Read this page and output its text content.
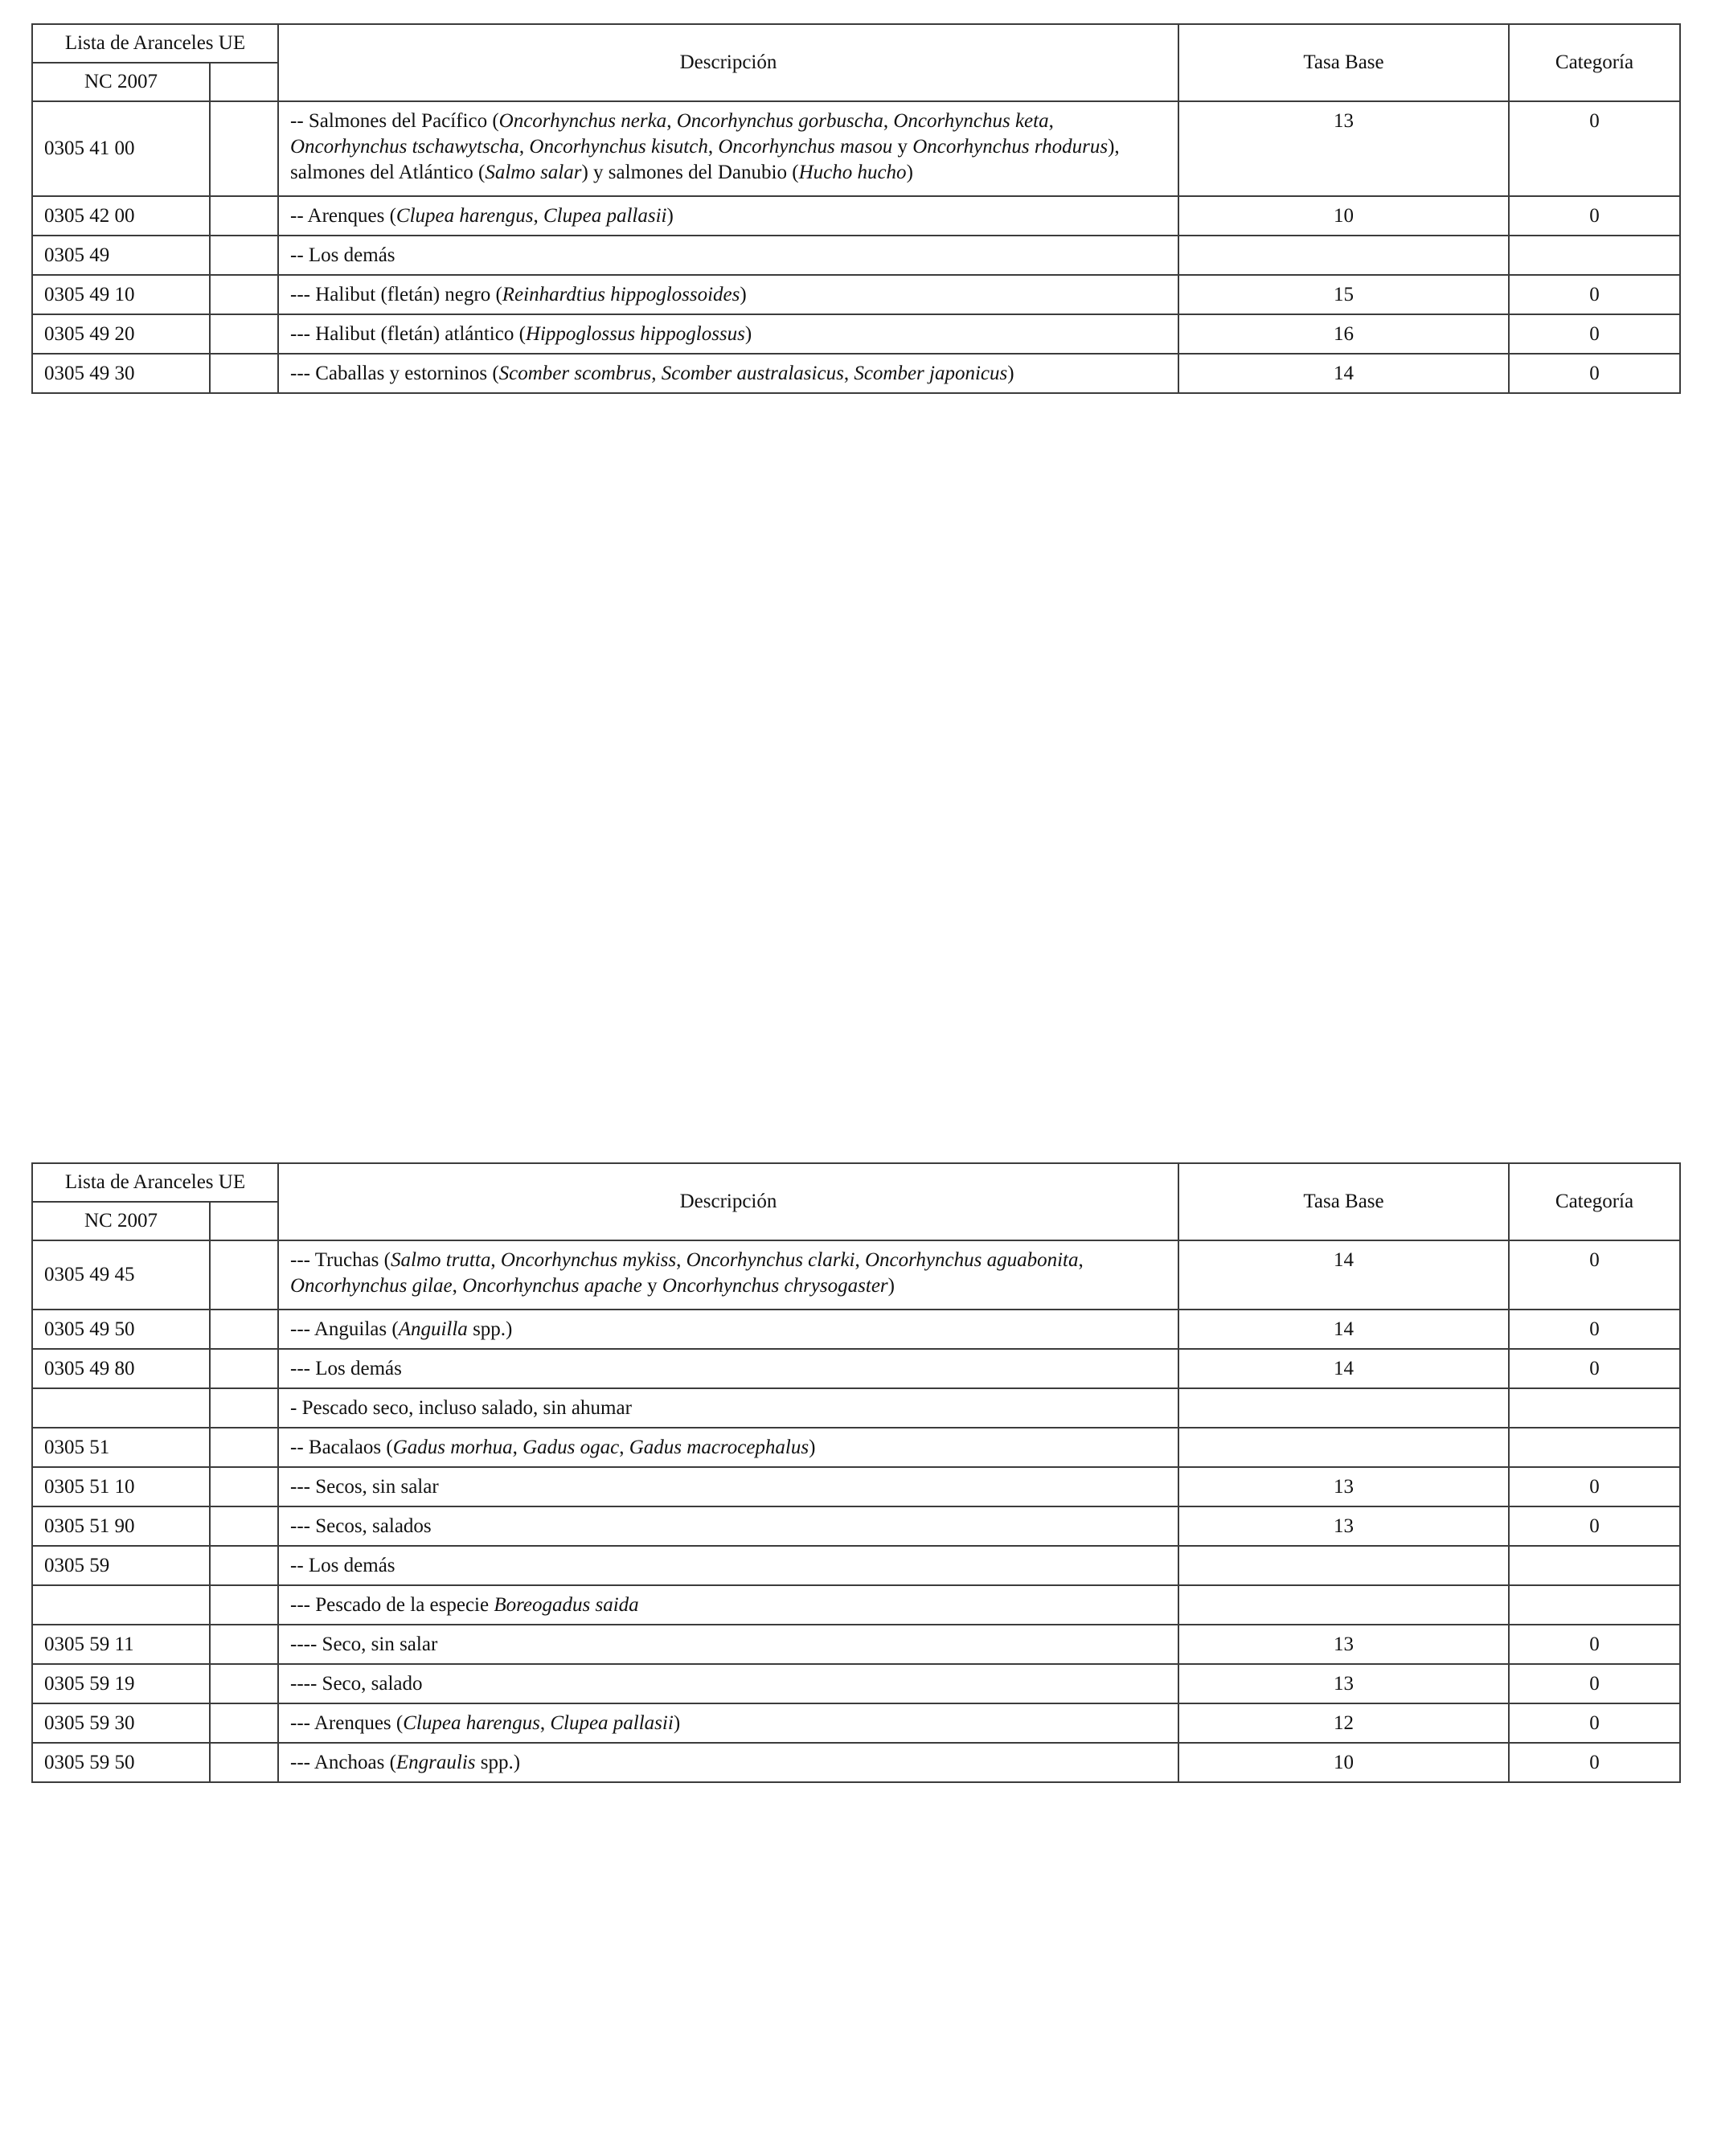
Lista de Aranceles UE		Descripción	Tasa Base	Categoría
NC 2007				
0305 41 00		-- Salmones del Pacífico (Oncorhynchus nerka, Oncorhynchus gorbuscha, Oncorhynchus keta, Oncorhynchus tschawytscha, Oncorhynchus kisutch, Oncorhynchus masou y Oncorhynchus rhodurus), salmones del Atlántico (Salmo salar) y salmones del Danubio (Hucho hucho)	13	0
0305 42 00		-- Arenques (Clupea harengus, Clupea pallasii)	10	0
0305 49		-- Los demás		
0305 49 10		--- Halibut (fletán) negro (Reinhardtius hippoglossoides)	15	0
0305 49 20		--- Halibut (fletán) atlántico (Hippoglossus hippoglossus)	16	0
0305 49 30		--- Caballas y estorninos (Scomber scombrus, Scomber australasicus, Scomber japonicus)	14	0
Lista de Aranceles UE		Descripción	Tasa Base	Categoría
NC 2007				
0305 49 45		--- Truchas (Salmo trutta, Oncorhynchus mykiss, Oncorhynchus clarki, Oncorhynchus aguabonita, Oncorhynchus gilae, Oncorhynchus apache y Oncorhynchus chrysogaster)	14	0
0305 49 50		--- Anguilas (Anguilla spp.)	14	0
0305 49 80		--- Los demás	14	0
		- Pescado seco, incluso salado, sin ahumar		
0305 51		-- Bacalaos (Gadus morhua, Gadus ogac, Gadus macrocephalus)		
0305 51 10		--- Secos, sin salar	13	0
0305 51 90		--- Secos, salados	13	0
0305 59		-- Los demás		
		--- Pescado de la especie Boreogadus saida		
0305 59 11		---- Seco, sin salar	13	0
0305 59 19		---- Seco, salado	13	0
0305 59 30		--- Arenques (Clupea harengus, Clupea pallasii)	12	0
0305 59 50		--- Anchoas (Engraulis spp.)	10	0
